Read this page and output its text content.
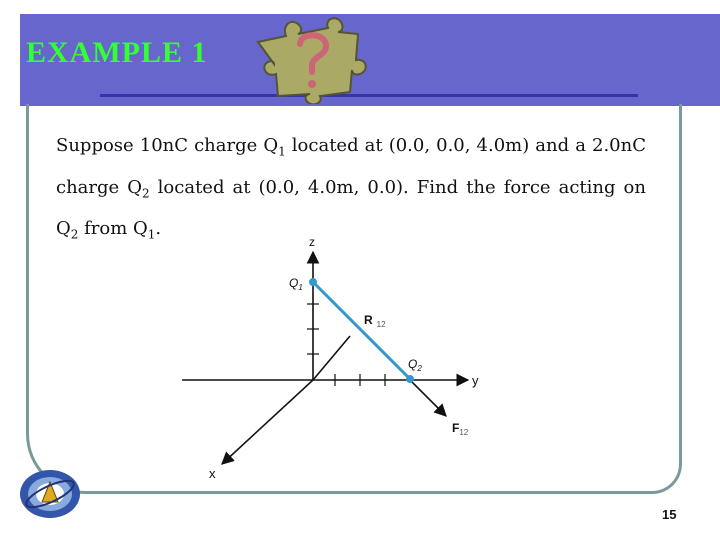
EXAMPLE 1
Suppose 10nC charge $Q_1$ located at (0.0, 0.0, 4.0m) and a 2.0nC charge $Q_2$ located at (0.0, 4.0m, 0.0). Find the force acting on $Q_2$ from $Q_1$.
z
y
x
$Q_1$
$Q_2$
R $_{12}$
$F_{12}$
15
